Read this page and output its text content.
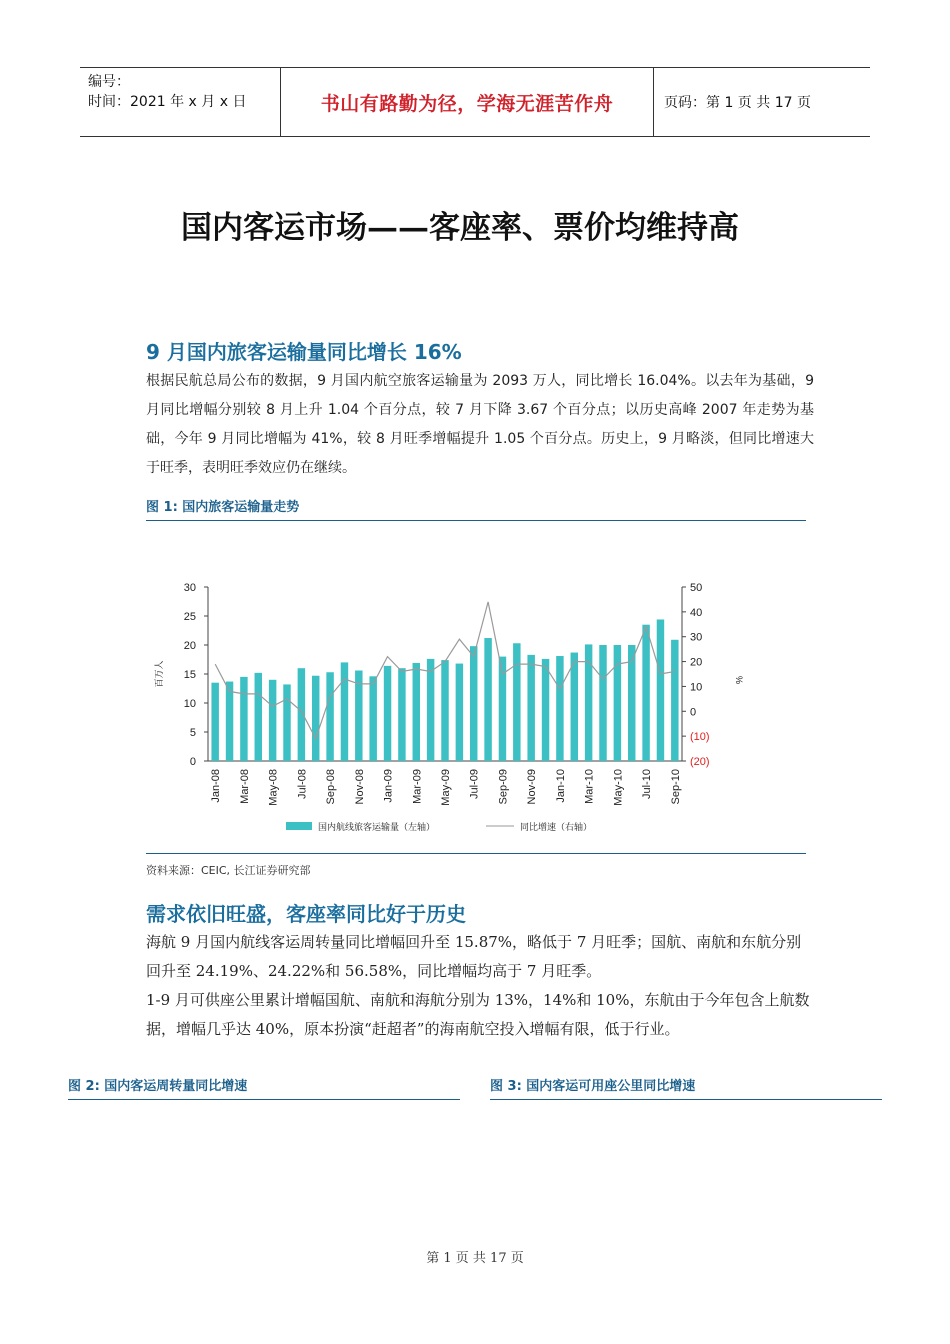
编号：
时间：2021 年 x 月 x 日	书山有路勤为径，学海无涯苦作舟	页码：第 1 页 共 17 页
国内客运市场——客座率、票价均维持高
9 月国内旅客运输量同比增长 16%
根据民航总局公布的数据，9 月国内航空旅客运输量为 2093 万人，同比增长 16.04%。以去年为基础，9 月同比增幅分别较 8 月上升 1.04 个百分点，较 7 月下降 3.67 个百分点；以历史高峰 2007 年走势为基础，今年 9 月同比增幅为 41%，较 8 月旺季增幅提升 1.05 个百分点。历史上，9 月略淡，但同比增速大于旺季，表明旺季效应仍在继续。
图 1: 国内旅客运输量走势
0
5
10
15
20
25
30
(20)
(10)
0
10
20
30
40
50
百万人	%
Jan-08 Mar-08 May-08 Jul-08 Sep-08 Nov-08 Jan-09 Mar-09 May-09 Jul-09 Sep-09 Nov-09 Jan-10 Mar-10 May-10 Jul-10 Sep-10
国内航线旅客运输量（左轴）	同比增速（右轴）
资料来源：CEIC, 长江证券研究部
需求依旧旺盛，客座率同比好于历史

海航 9 月国内航线客运周转量同比增幅回升至 15.87%，略低于 7 月旺季；国航、南航和东航分别回升至 24.19%、24.22%和 56.58%，同比增幅均高于 7 月旺季。

1-9 月可供座公里累计增幅国航、南航和海航分别为 13%，14%和 10%，东航由于今年包含上航数据，增幅几乎达 40%，原本扮演“赶超者”的海南航空投入增幅有限，低于行业。

图 2: 国内客运周转量同比增速	图 3: 国内客运可用座公里同比增速
第 1 页 共 17 页
